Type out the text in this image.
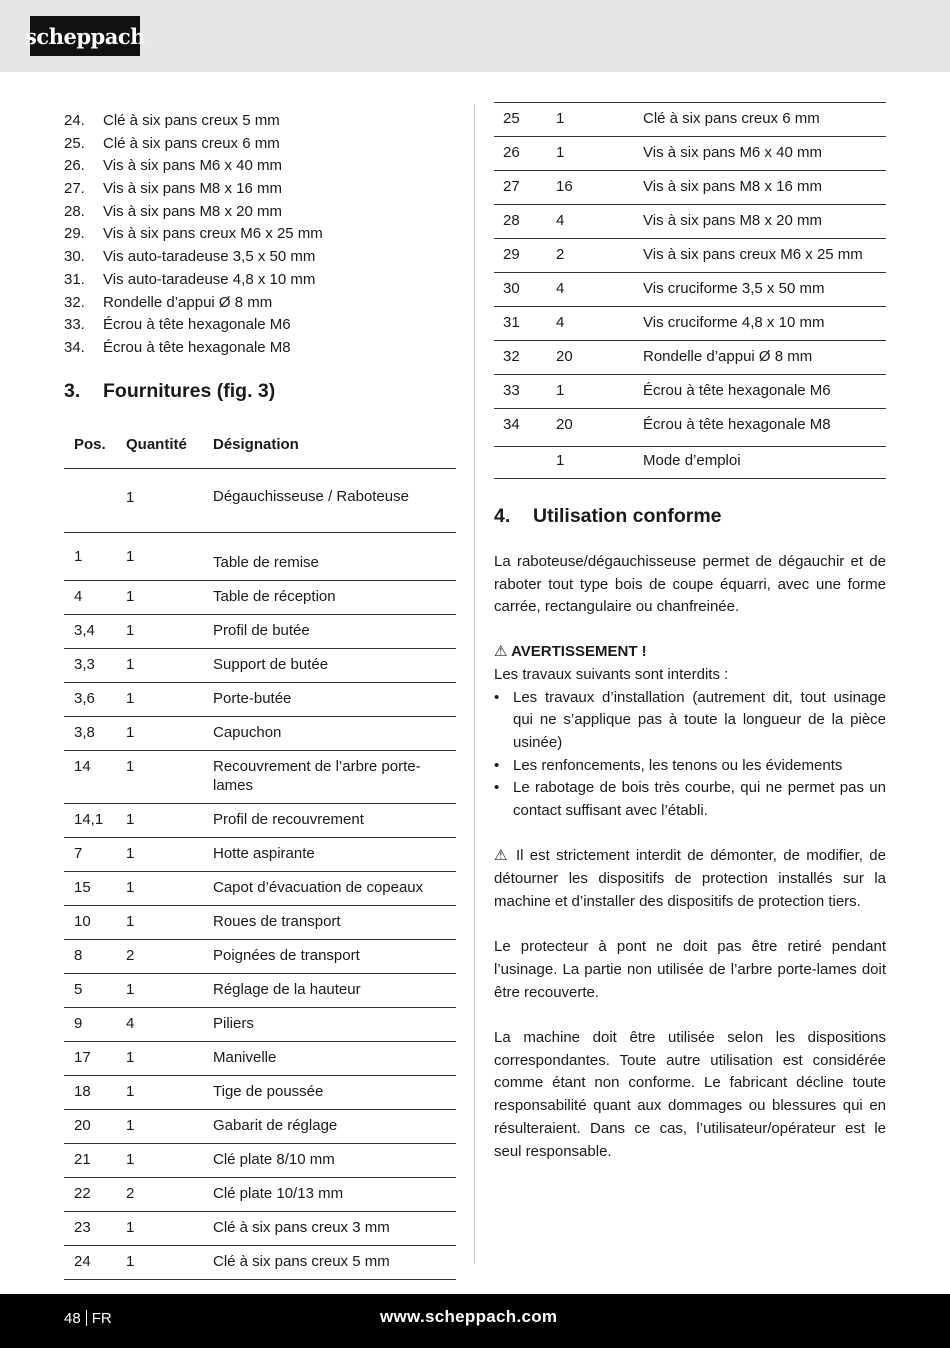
scheppach
24.	Clé à six pans creux 5 mm
25.	Clé à six pans creux 6 mm
26.	Vis à six pans M6 x 40 mm
27.	Vis à six pans M8 x 16 mm
28.	Vis à six pans M8 x 20 mm
29.	Vis à six pans creux M6 x 25 mm
30.	Vis auto-taradeuse 3,5 x 50 mm
31.	Vis auto-taradeuse 4,8 x 10 mm
32.	Rondelle d’appui Ø 8 mm
33.	Écrou à tête hexagonale M6
34.	Écrou à tête hexagonale M8
3.	Fournitures (fig. 3)
Pos.	Quantité	Désignation
	1	Dégauchisseuse / Raboteuse
1	1	Table de remise
4	1	Table de réception
3,4	1	Profil de butée
3,3	1	Support de butée
3,6	1	Porte-butée
3,8	1	Capuchon
14	1	Recouvrement de l’arbre porte-lames
14,1	1	Profil de recouvrement
7	1	Hotte aspirante
15	1	Capot d’évacuation de copeaux
10	1	Roues de transport
8	2	Poignées de transport
5	1	Réglage de la hauteur
9	4	Piliers
17	1	Manivelle
18	1	Tige de poussée
20	1	Gabarit de réglage
21	1	Clé plate 8/10 mm
22	2	Clé plate 10/13 mm
23	1	Clé à six pans creux 3 mm
24	1	Clé à six pans creux 5 mm
25	1	Clé à six pans creux 6 mm
26	1	Vis à six pans M6 x 40 mm
27	16	Vis à six pans M8 x 16 mm
28	4	Vis à six pans M8 x 20 mm
29	2	Vis à six pans creux M6 x 25 mm
30	4	Vis cruciforme 3,5 x 50 mm
31	4	Vis cruciforme 4,8 x 10 mm
32	20	Rondelle d’appui Ø 8 mm
33	1	Écrou à tête hexagonale M6
34	20	Écrou à tête hexagonale M8
	1	Mode d’emploi
4.	Utilisation conforme

La raboteuse/dégauchisseuse permet de dégauchir et de raboter tout type bois de coupe équarri, avec une forme carrée, rectangulaire ou chanfreinée.

⚠ AVERTISSEMENT !

Les travaux suivants sont interdits :

• Les travaux d’installation (autrement dit, tout usinage qui ne s’applique pas à toute la longueur de la pièce usinée)
• Les renfoncements, les tenons ou les évidements
• Le rabotage de bois très courbe, qui ne permet pas un contact suffisant avec l’établi.

⚠ Il est strictement interdit de démonter, de modifier, de détourner les dispositifs de protection installés sur la machine et d’installer des dispositifs de protection tiers.

Le protecteur à pont ne doit pas être retiré pendant l’usinage. La partie non utilisée de l’arbre porte-lames doit être recouverte.

La machine doit être utilisée selon les dispositions correspondantes. Toute autre utilisation est considérée comme étant non conforme. Le fabricant décline toute responsabilité quant aux dommages ou blessures qui en résulteraient. Dans ce cas, l’utilisateur/opérateur est le seul responsable.

48 FR	www.scheppach.com
